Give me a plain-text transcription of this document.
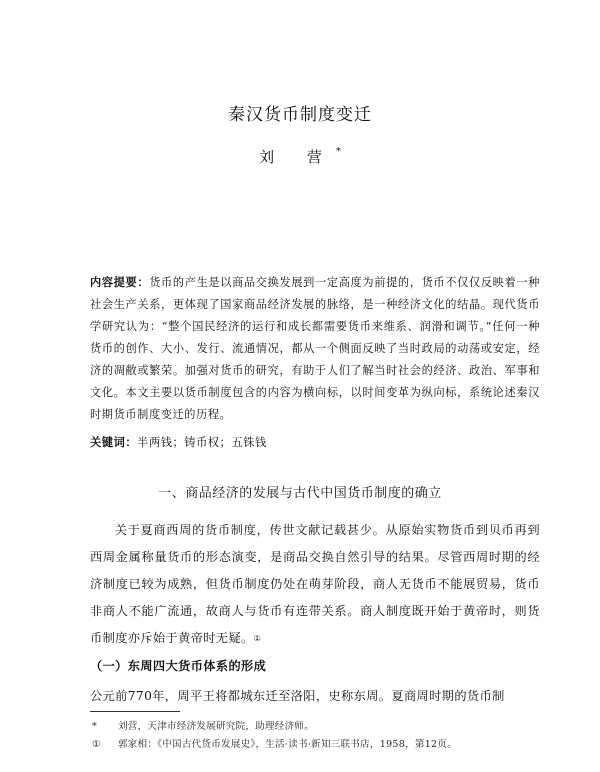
秦汉货币制度变迁
刘 营*
内容提要：货币的产生是以商品交换发展到一定高度为前提的，货币不仅仅反映着一种社会生产关系，更体现了国家商品经济发展的脉络，是一种经济文化的结晶。现代货币学研究认为：“整个国民经济的运行和成长都需要货币来维系、润滑和调节。”任何一种货币的创作、大小、发行、流通情况，都从一个侧面反映了当时政局的动荡或安定，经济的凋敝或繁荣。加强对货币的研究，有助于人们了解当时社会的经济、政治、军事和文化。本文主要以货币制度包含的内容为横向标，以时间变革为纵向标，系统论述秦汉时期货币制度变迁的历程。
关键词：半两钱；铸币权；五铢钱
一、商品经济的发展与古代中国货币制度的确立
关于夏商西周的货币制度，传世文献记载甚少。从原始实物货币到贝币再到西周金属称量货币的形态演变，是商品交换自然引导的结果。尽管西周时期的经济制度已较为成熟，但货币制度仍处在萌芽阶段，商人无货币不能展贸易，货币非商人不能广流通，故商人与货币有连带关系。商人制度既开始于黄帝时，则货币制度亦斥始于黄帝时无疑。①
（一）东周四大货币体系的形成
公元前770年，周平王将都城东迁至洛阳，史称东周。夏商周时期的货币制
* 刘营，天津市经济发展研究院，助理经济师。
① 郭家相：《中国古代货币发展史》，生活·读书·新知三联书店，1958，第12页。
